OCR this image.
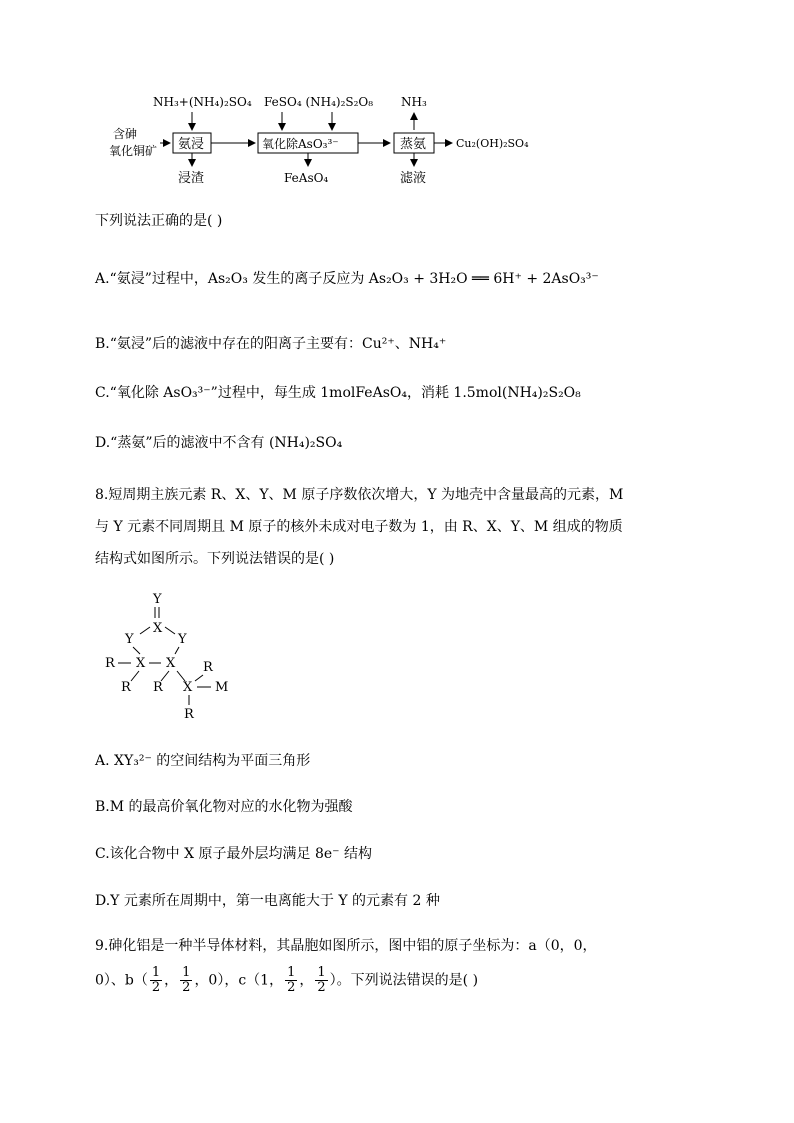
NH₃+(NH₄)₂SO₄
含砷
氧化铜矿 氨浸
浸渣
FeSO₄ (NH₄)₂S₂O₈
氧化除AsO₃³⁻
FeAsO₄
NH₃
蒸氨
滤液
Cu₂(OH)₂SO₄
下列说法正确的是( )
A.“氨浸”过程中，As₂O₃ 发生的离子反应为 As₂O₃ + 3H₂O ══ 6H⁺ + 2AsO₃³⁻
B.“氨浸”后的滤液中存在的阳离子主要有：Cu²⁺、NH₄⁺
C.“氧化除 AsO₃³⁻”过程中，每生成 1molFeAsO₄，消耗 1.5mol(NH₄)₂S₂O₈
D.“蒸氨”后的滤液中不含有 (NH₄)₂SO₄
8.短周期主族元素 R、X、Y、M 原子序数依次增大，Y 为地壳中含量最高的元素，M
与 Y 元素不同周期且 M 原子的核外未成对电子数为 1，由 R、X、Y、M 组成的物质
结构式如图所示。下列说法错误的是( )
Y
X
Y	Y
R X X
R R
R
X M
R
A. XY₃²⁻ 的空间结构为平面三角形
B.M 的最高价氧化物对应的水化物为强酸
C.该化合物中 X 原子最外层均满足 8e⁻ 结构
D.Y 元素所在周期中，第一电离能大于 Y 的元素有 2 种
9.砷化铝是一种半导体材料，其晶胞如图所示，图中铝的原子坐标为：a（0，0，
0）、$b( \frac{1}{2}$ ， $\frac{1}{2}$ ，0），c（1， $\frac{1}{2}$ ， $\frac{1}{2}$ ）。下列说法错误的是( )
